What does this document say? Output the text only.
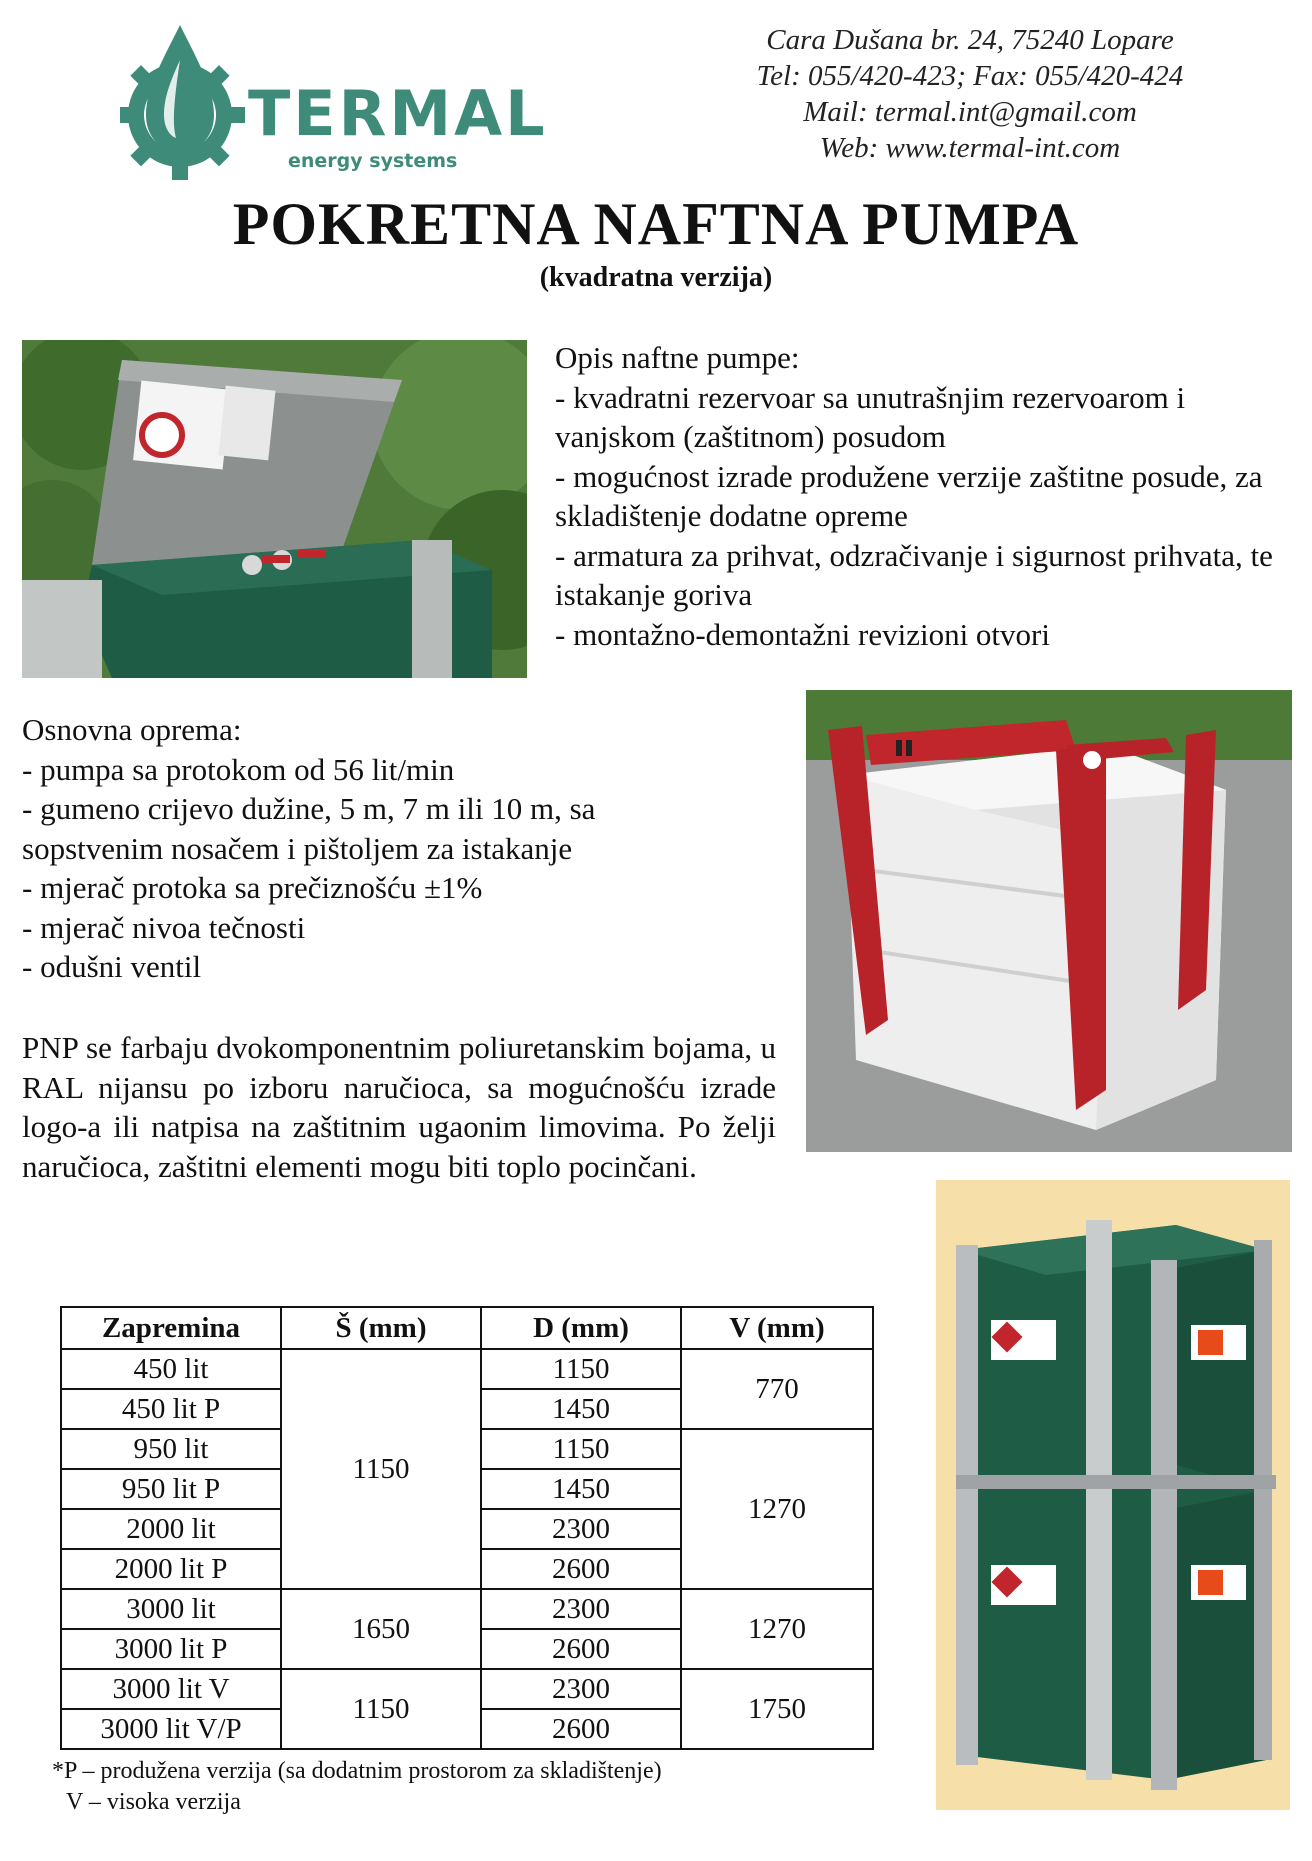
TERMAL
energy systems
Cara Dušana br. 24, 75240 Lopare
Tel: 055/420-423; Fax: 055/420-424
Mail: termal.int@gmail.com
Web: www.termal-int.com
POKRETNA NAFTNA PUMPA
(kvadratna verzija)
Opis naftne pumpe:
- kvadratni rezervoar sa unutrašnjim rezervoarom i vanjskom (zaštitnom) posudom
- mogućnost izrade produžene verzije zaštitne posude, za skladištenje dodatne opreme
- armatura za prihvat, odzračivanje i sigurnost prihvata, te istakanje goriva
- montažno-demontažni revizioni otvori
Osnovna oprema:
- pumpa sa protokom od 56 lit/min
- gumeno crijevo dužine, 5 m, 7 m ili 10 m, sa sopstvenim nosačem i pištoljem za istakanje
- mjerač protoka sa prečiznošću ±1%
- mjerač nivoa tečnosti
- odušni ventil
PNP se farbaju dvokomponentnim poliuretanskim bojama, u RAL nijansu po izboru naručioca, sa mogućnošću izrade logo-a ili natpisa na zaštitnim ugaonim limovima. Po želji naručioca, zaštitni elementi mogu biti toplo pocinčani.
Zapremina	Š (mm)	D (mm)	V (mm)
450 lit	1150	1150	770
450 lit P		1450	
950 lit		1150	1270
950 lit P		1450	
2000 lit		2300	
2000 lit P		2600	
3000 lit	1650	2300	1270
3000 lit P		2600	
3000 lit V	1150	2300	1750
3000 lit V/P		2600	
*P – produžena verzija (sa dodatnim prostorom za skladištenje)
V – visoka verzija
